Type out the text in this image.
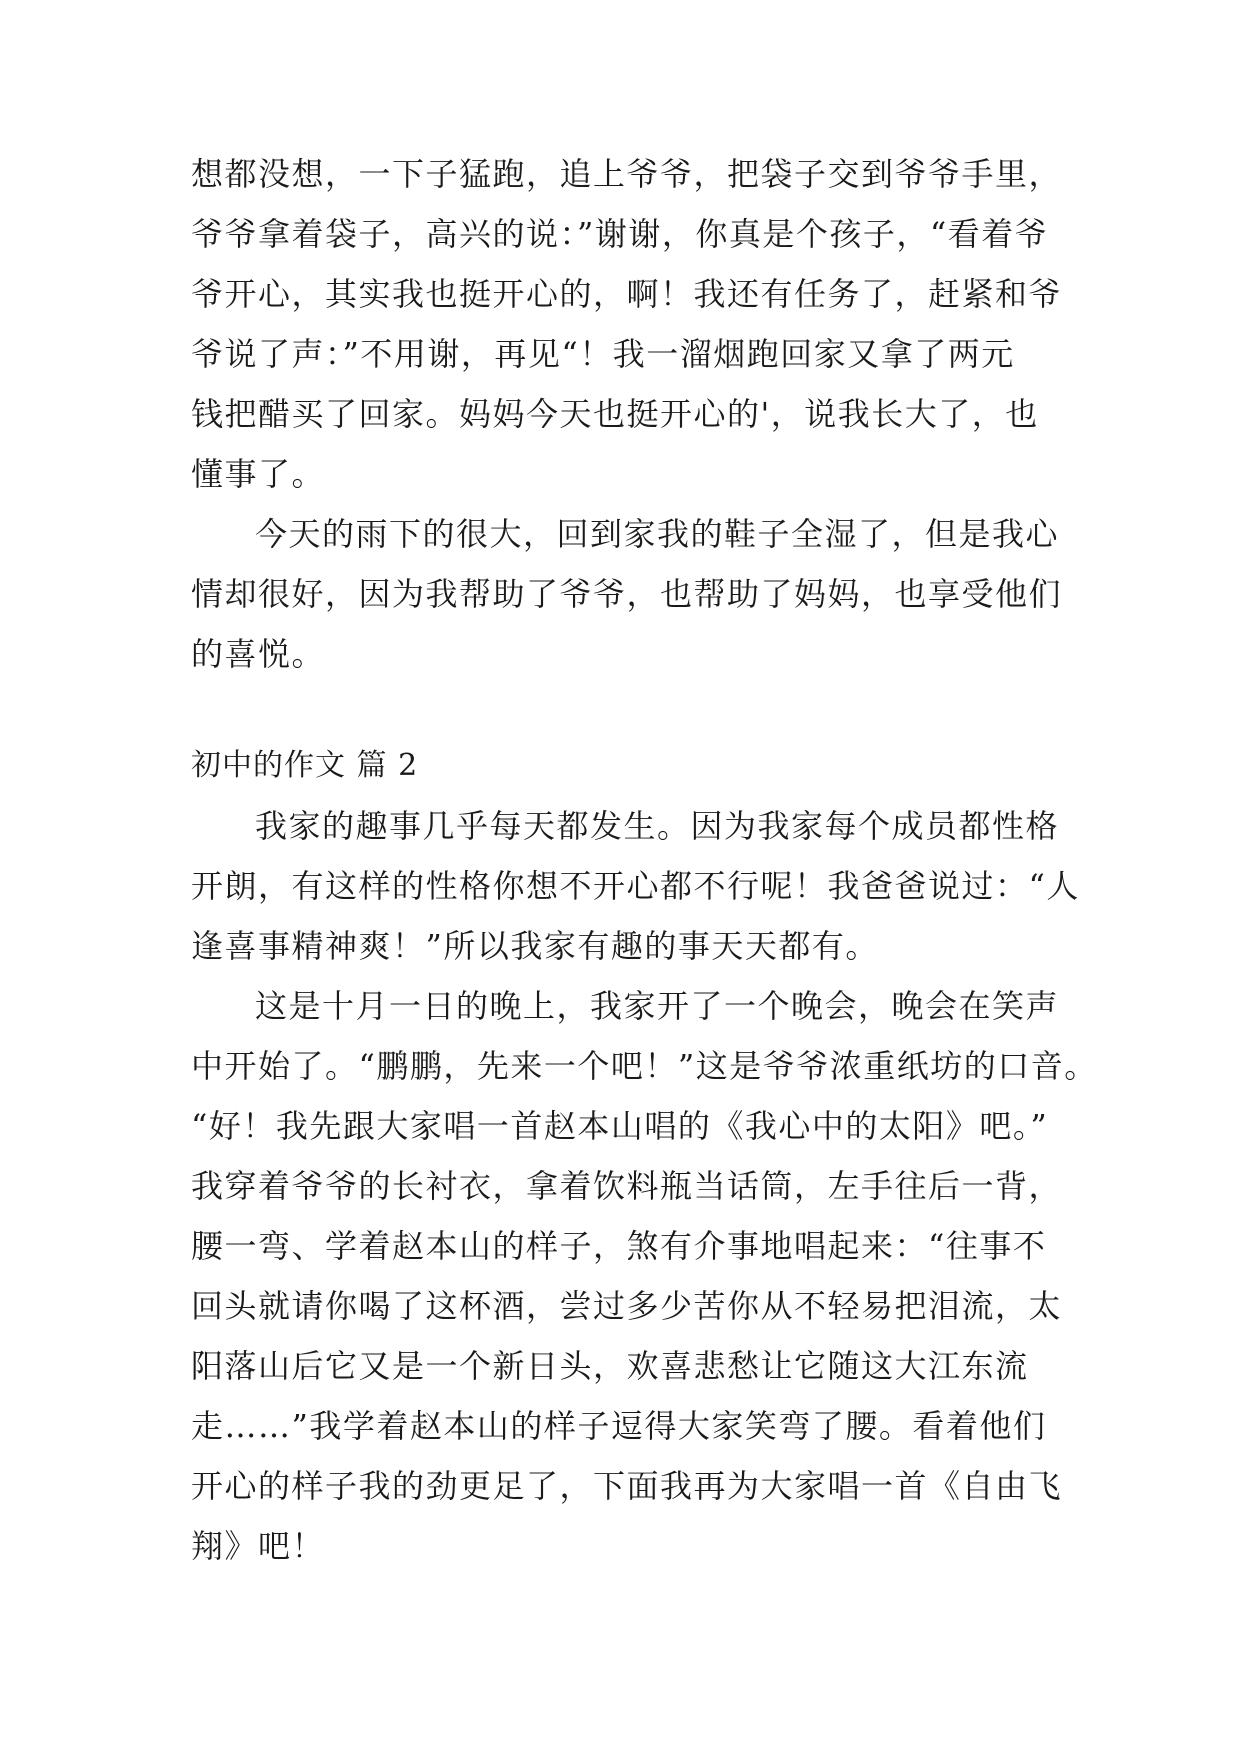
想都没想，一下子猛跑，追上爷爷，把袋子交到爷爷手里，
爷爷拿着袋子，高兴的说：”谢谢，你真是个孩子，“看着爷
爷开心，其实我也挺开心的，啊！我还有任务了，赶紧和爷
爷说了声：”不用谢，再见“！我一溜烟跑回家又拿了两元
钱把醋买了回家。妈妈今天也挺开心的'，说我长大了，也
懂事了。
今天的雨下的很大，回到家我的鞋子全湿了，但是我心
情却很好，因为我帮助了爷爷，也帮助了妈妈，也享受他们
的喜悦。
初中的作文 篇 2
我家的趣事几乎每天都发生。因为我家每个成员都性格
开朗，有这样的性格你想不开心都不行呢！我爸爸说过：“人
逢喜事精神爽！”所以我家有趣的事天天都有。
这是十月一日的晚上，我家开了一个晚会，晚会在笑声
中开始了。“鹏鹏，先来一个吧！”这是爷爷浓重纸坊的口音。
“好！我先跟大家唱一首赵本山唱的《我心中的太阳》吧。”
我穿着爷爷的长衬衣，拿着饮料瓶当话筒，左手往后一背，
腰一弯、学着赵本山的样子，煞有介事地唱起来：“往事不
回头就请你喝了这杯酒，尝过多少苦你从不轻易把泪流，太
阳落山后它又是一个新日头，欢喜悲愁让它随这大江东流
走……”我学着赵本山的样子逗得大家笑弯了腰。看着他们
开心的样子我的劲更足了，下面我再为大家唱一首《自由飞
翔》吧！
